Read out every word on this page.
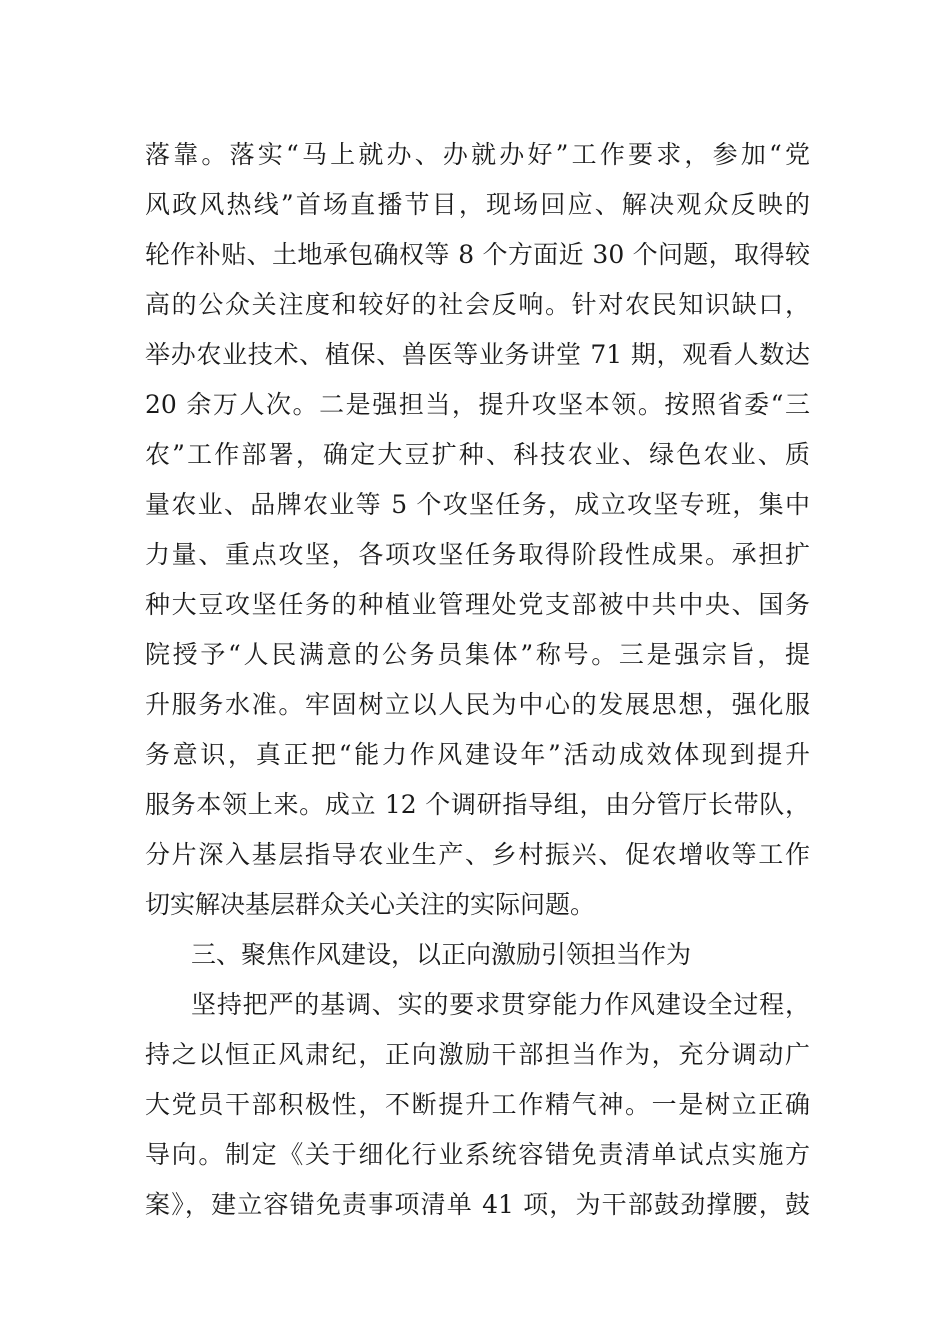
落靠。落实“马上就办、办就办好”工作要求，参加“党
风政风热线”首场直播节目，现场回应、解决观众反映的
轮作补贴、土地承包确权等 8 个方面近 30 个问题，取得较
高的公众关注度和较好的社会反响。针对农民知识缺口，
举办农业技术、植保、兽医等业务讲堂 71 期，观看人数达
20 余万人次。二是强担当，提升攻坚本领。按照省委“三
农”工作部署，确定大豆扩种、科技农业、绿色农业、质
量农业、品牌农业等 5 个攻坚任务，成立攻坚专班，集中
力量、重点攻坚，各项攻坚任务取得阶段性成果。承担扩
种大豆攻坚任务的种植业管理处党支部被中共中央、国务
院授予“人民满意的公务员集体”称号。三是强宗旨，提
升服务水准。牢固树立以人民为中心的发展思想，强化服
务意识，真正把“能力作风建设年”活动成效体现到提升
服务本领上来。成立 12 个调研指导组，由分管厅长带队，
分片深入基层指导农业生产、乡村振兴、促农增收等工作
切实解决基层群众关心关注的实际问题。
三、聚焦作风建设，以正向激励引领担当作为
坚持把严的基调、实的要求贯穿能力作风建设全过程，
持之以恒正风肃纪，正向激励干部担当作为，充分调动广
大党员干部积极性，不断提升工作精气神。一是树立正确
导向。制定《关于细化行业系统容错免责清单试点实施方
案》，建立容错免责事项清单 41 项，为干部鼓劲撑腰，鼓
